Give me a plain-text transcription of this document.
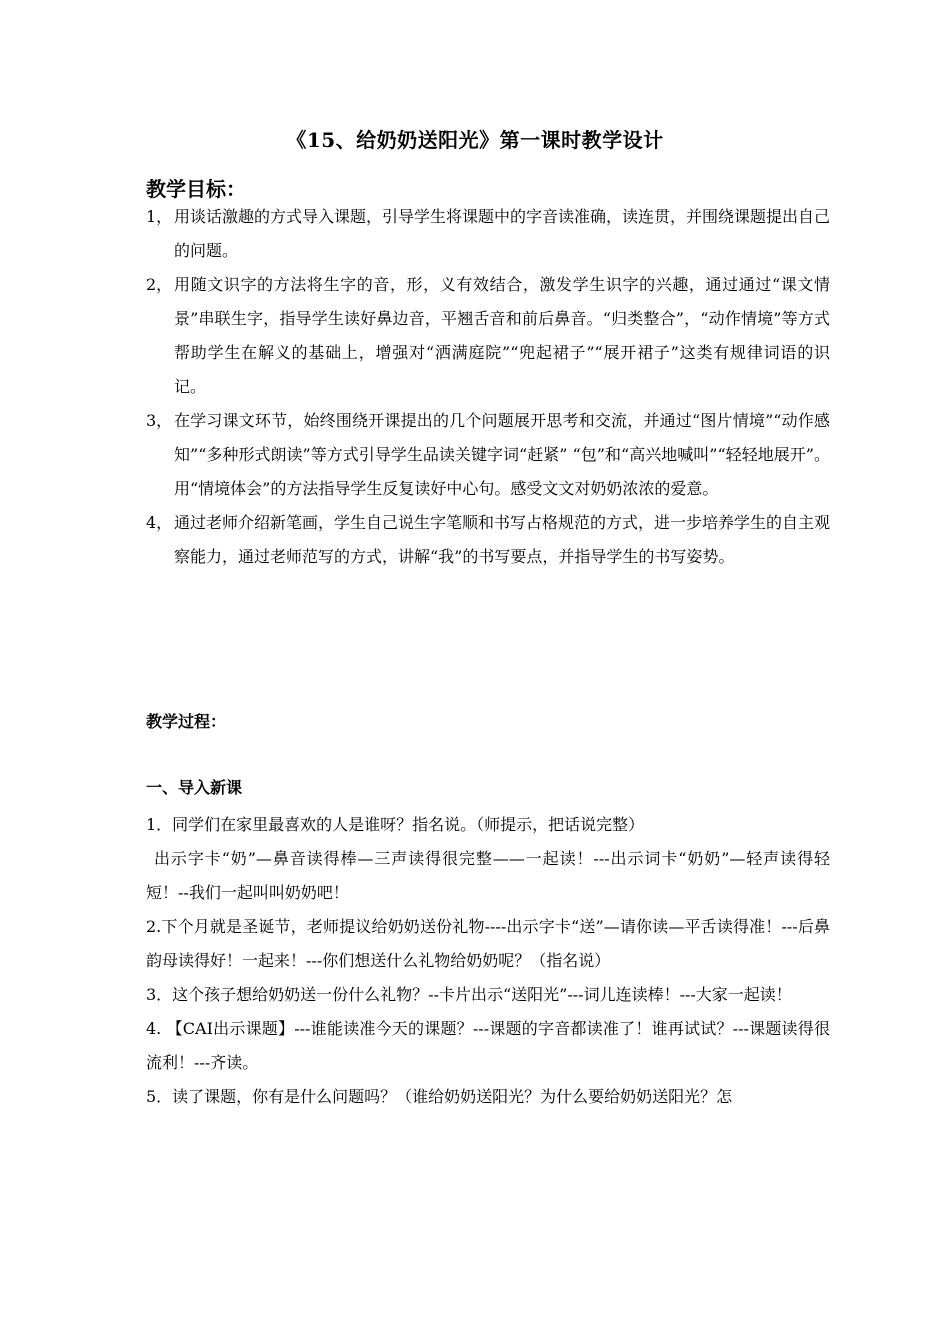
《15、给奶奶送阳光》第一课时教学设计
教学目标：
1， 用谈话激趣的方式导入课题，引导学生将课题中的字音读准确，读连贯，并围绕课题提出自己的问题。
2， 用随文识字的方法将生字的音，形，义有效结合，激发学生识字的兴趣，通过通过“课文情景”串联生字，指导学生读好鼻边音，平翘舌音和前后鼻音。“归类整合”，“动作情境”等方式帮助学生在解义的基础上，增强对“洒满庭院”“兜起裙子”“展开裙子”这类有规律词语的识记。
3， 在学习课文环节，始终围绕开课提出的几个问题展开思考和交流，并通过“图片情境”“动作感知”“多种形式朗读”等方式引导学生品读关键字词“赶紧” “包”和“高兴地喊叫”“轻轻地展开”。用“情境体会”的方法指导学生反复读好中心句。感受文文对奶奶浓浓的爱意。
4， 通过老师介绍新笔画，学生自己说生字笔顺和书写占格规范的方式，进一步培养学生的自主观察能力，通过老师范写的方式，讲解“我”的书写要点，并指导学生的书写姿势。
教学过程：
一、导入新课

1．同学们在家里最喜欢的人是谁呀？指名说。（师提示，把话说完整）

出示字卡“奶”—鼻音读得棒—三声读得很完整——一起读！---出示词卡“奶奶”—轻声读得轻短！--我们一起叫叫奶奶吧！

2.下个月就是圣诞节，老师提议给奶奶送份礼物----出示字卡“送”—请你读—平舌读得准！---后鼻韵母读得好！一起来！---你们想送什么礼物给奶奶呢？（指名说）

3．这个孩子想给奶奶送一份什么礼物？--卡片出示“送阳光”---词儿连读棒！---大家一起读！

4. 【CAI出示课题】---谁能读准今天的课题？---课题的字音都读准了！谁再试试？---课题读得很流利！---齐读。

5．读了课题，你有是什么问题吗？（谁给奶奶送阳光？为什么要给奶奶送阳光？怎
